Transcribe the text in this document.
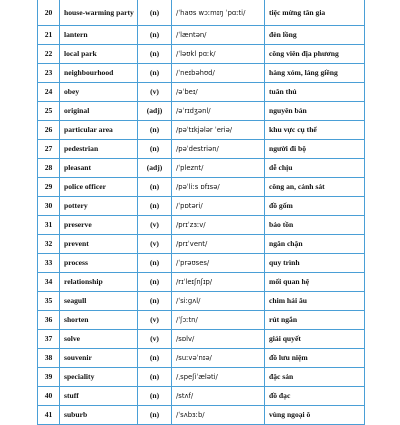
20	house-warming party	(n)	/ˈhaʊs wɔːmɪŋ ˈpɑːti/	tiệc mừng tân gia
21	lantern	(n)	/ˈlæntən/	đèn lồng
22	local park	(n)	/ˈləʊkl pɑːk/	công viên địa phương
23	neighbourhood	(n)	/ˈneɪbəhʊd/	hàng xóm, láng giềng
24	obey	(v)	/əˈbeɪ/	tuân thủ
25	original	(adj)	/əˈrɪdʒənl/	nguyên bản
26	particular area	(n)	/pəˈtɪkjələr ˈeriə/	khu vực cụ thể
27	pedestrian	(n)	/pəˈdestriən/	người đi bộ
28	pleasant	(adj)	/ˈpleznt/	dễ chịu
29	police officer	(n)	/pəˈliːs ɒfɪsə/	công an, cảnh sát
30	pottery	(n)	/ˈpɒtəri/	đồ gốm
31	preserve	(v)	/prɪˈzɜːv/	bảo tồn
32	prevent	(v)	/prɪˈvent/	ngăn chặn
33	process	(n)	/ˈprəʊses/	quy trình
34	relationship	(n)	/rɪˈleɪʃnʃɪp/	mối quan hệ
35	seagull	(n)	/ˈsiːɡʌl/	chim hải âu
36	shorten	(v)	/ˈʃɔːtn/	rút ngắn
37	solve	(v)	/sɒlv/	giải quyết
38	souvenir	(n)	/suːvəˈnɪə/	đồ lưu niệm
39	speciality	(n)	/ˌspeʃiˈæləti/	đặc sản
40	stuff	(n)	/stʌf/	đồ đạc
41	suburb	(n)	/ˈsʌbɜːb/	vùng ngoại ô
